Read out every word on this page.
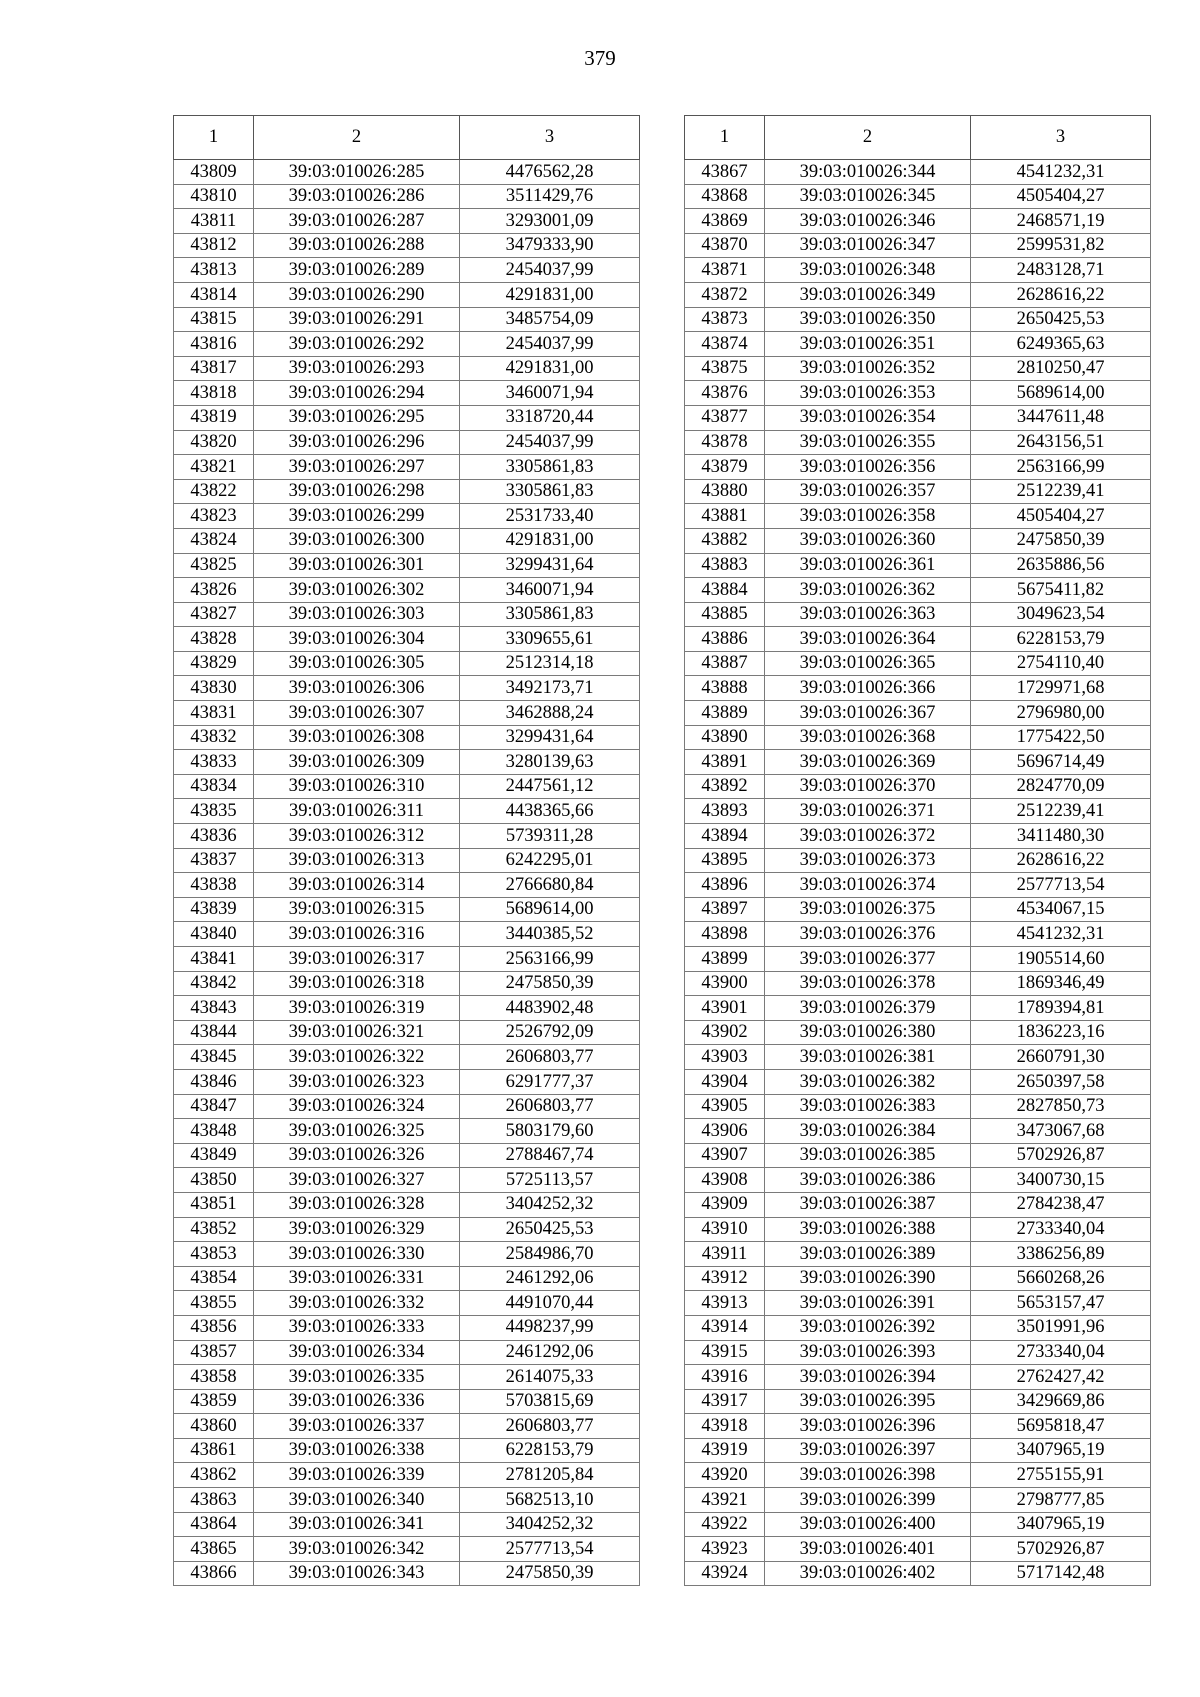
379
1	2	3
43809	39:03:010026:285	4476562,28
43810	39:03:010026:286	3511429,76
43811	39:03:010026:287	3293001,09
43812	39:03:010026:288	3479333,90
43813	39:03:010026:289	2454037,99
43814	39:03:010026:290	4291831,00
43815	39:03:010026:291	3485754,09
43816	39:03:010026:292	2454037,99
43817	39:03:010026:293	4291831,00
43818	39:03:010026:294	3460071,94
43819	39:03:010026:295	3318720,44
43820	39:03:010026:296	2454037,99
43821	39:03:010026:297	3305861,83
43822	39:03:010026:298	3305861,83
43823	39:03:010026:299	2531733,40
43824	39:03:010026:300	4291831,00
43825	39:03:010026:301	3299431,64
43826	39:03:010026:302	3460071,94
43827	39:03:010026:303	3305861,83
43828	39:03:010026:304	3309655,61
43829	39:03:010026:305	2512314,18
43830	39:03:010026:306	3492173,71
43831	39:03:010026:307	3462888,24
43832	39:03:010026:308	3299431,64
43833	39:03:010026:309	3280139,63
43834	39:03:010026:310	2447561,12
43835	39:03:010026:311	4438365,66
43836	39:03:010026:312	5739311,28
43837	39:03:010026:313	6242295,01
43838	39:03:010026:314	2766680,84
43839	39:03:010026:315	5689614,00
43840	39:03:010026:316	3440385,52
43841	39:03:010026:317	2563166,99
43842	39:03:010026:318	2475850,39
43843	39:03:010026:319	4483902,48
43844	39:03:010026:321	2526792,09
43845	39:03:010026:322	2606803,77
43846	39:03:010026:323	6291777,37
43847	39:03:010026:324	2606803,77
43848	39:03:010026:325	5803179,60
43849	39:03:010026:326	2788467,74
43850	39:03:010026:327	5725113,57
43851	39:03:010026:328	3404252,32
43852	39:03:010026:329	2650425,53
43853	39:03:010026:330	2584986,70
43854	39:03:010026:331	2461292,06
43855	39:03:010026:332	4491070,44
43856	39:03:010026:333	4498237,99
43857	39:03:010026:334	2461292,06
43858	39:03:010026:335	2614075,33
43859	39:03:010026:336	5703815,69
43860	39:03:010026:337	2606803,77
43861	39:03:010026:338	6228153,79
43862	39:03:010026:339	2781205,84
43863	39:03:010026:340	5682513,10
43864	39:03:010026:341	3404252,32
43865	39:03:010026:342	2577713,54
43866	39:03:010026:343	2475850,39
1	2	3
43867	39:03:010026:344	4541232,31
43868	39:03:010026:345	4505404,27
43869	39:03:010026:346	2468571,19
43870	39:03:010026:347	2599531,82
43871	39:03:010026:348	2483128,71
43872	39:03:010026:349	2628616,22
43873	39:03:010026:350	2650425,53
43874	39:03:010026:351	6249365,63
43875	39:03:010026:352	2810250,47
43876	39:03:010026:353	5689614,00
43877	39:03:010026:354	3447611,48
43878	39:03:010026:355	2643156,51
43879	39:03:010026:356	2563166,99
43880	39:03:010026:357	2512239,41
43881	39:03:010026:358	4505404,27
43882	39:03:010026:360	2475850,39
43883	39:03:010026:361	2635886,56
43884	39:03:010026:362	5675411,82
43885	39:03:010026:363	3049623,54
43886	39:03:010026:364	6228153,79
43887	39:03:010026:365	2754110,40
43888	39:03:010026:366	1729971,68
43889	39:03:010026:367	2796980,00
43890	39:03:010026:368	1775422,50
43891	39:03:010026:369	5696714,49
43892	39:03:010026:370	2824770,09
43893	39:03:010026:371	2512239,41
43894	39:03:010026:372	3411480,30
43895	39:03:010026:373	2628616,22
43896	39:03:010026:374	2577713,54
43897	39:03:010026:375	4534067,15
43898	39:03:010026:376	4541232,31
43899	39:03:010026:377	1905514,60
43900	39:03:010026:378	1869346,49
43901	39:03:010026:379	1789394,81
43902	39:03:010026:380	1836223,16
43903	39:03:010026:381	2660791,30
43904	39:03:010026:382	2650397,58
43905	39:03:010026:383	2827850,73
43906	39:03:010026:384	3473067,68
43907	39:03:010026:385	5702926,87
43908	39:03:010026:386	3400730,15
43909	39:03:010026:387	2784238,47
43910	39:03:010026:388	2733340,04
43911	39:03:010026:389	3386256,89
43912	39:03:010026:390	5660268,26
43913	39:03:010026:391	5653157,47
43914	39:03:010026:392	3501991,96
43915	39:03:010026:393	2733340,04
43916	39:03:010026:394	2762427,42
43917	39:03:010026:395	3429669,86
43918	39:03:010026:396	5695818,47
43919	39:03:010026:397	3407965,19
43920	39:03:010026:398	2755155,91
43921	39:03:010026:399	2798777,85
43922	39:03:010026:400	3407965,19
43923	39:03:010026:401	5702926,87
43924	39:03:010026:402	5717142,48
